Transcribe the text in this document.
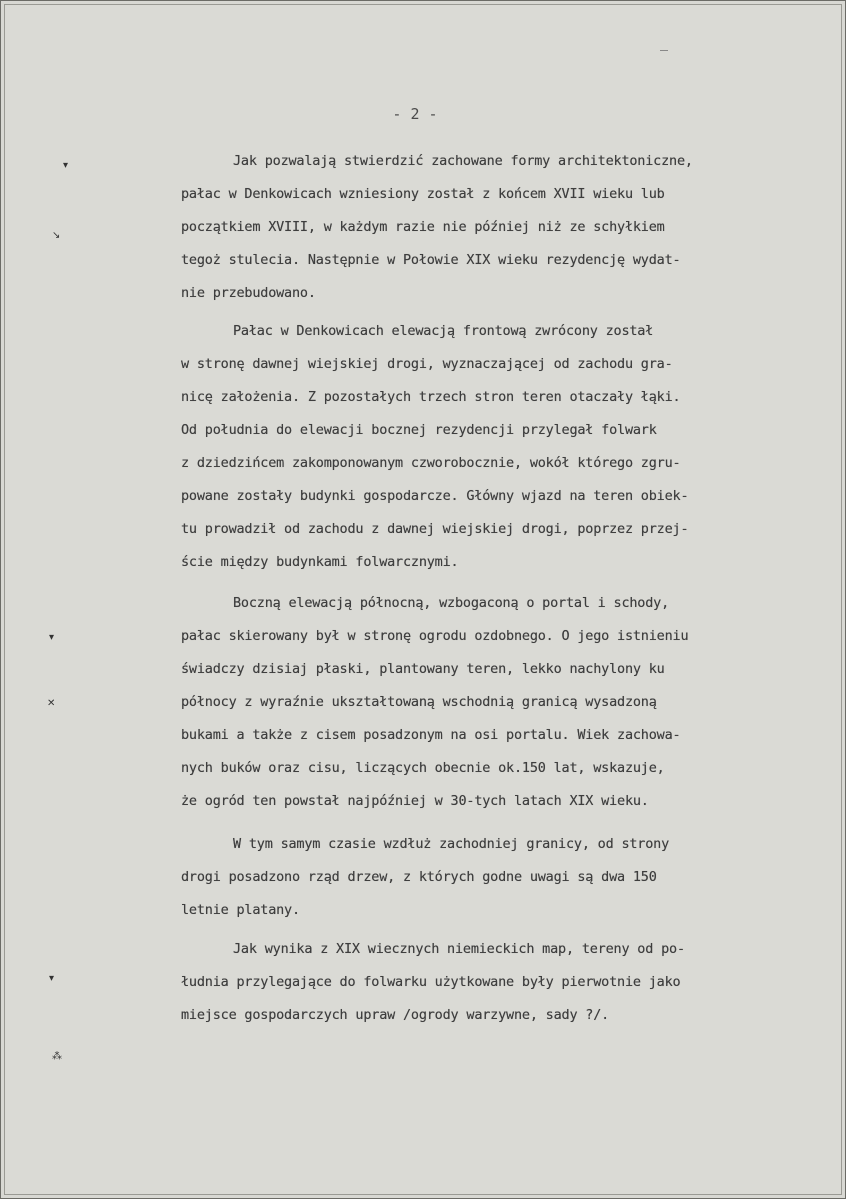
- 2 -
Jak pozwalają stwierdzić zachowane formy architektoniczne,
pałac w Denkowicach wzniesiony został z końcem XVII wieku lub
początkiem XVIII, w każdym razie nie później niż ze schyłkiem
tegoż stulecia. Następnie w Połowie XIX wieku rezydencję wydat-
nie przebudowano.
Pałac w Denkowicach elewacją frontową zwrócony został
w stronę dawnej wiejskiej drogi, wyznaczającej od zachodu gra-
nicę założenia. Z pozostałych trzech stron teren otaczały łąki.
Od południa do elewacji bocznej rezydencji przylegał folwark
z dziedzińcem zakomponowanym czworobocznie, wokół którego zgru-
powane zostały budynki gospodarcze. Główny wjazd na teren obiek-
tu prowadził od zachodu z dawnej wiejskiej drogi, poprzez przej-
ście między budynkami folwarcznymi.
Boczną elewacją północną, wzbogaconą o portal i schody,
pałac skierowany był w stronę ogrodu ozdobnego. O jego istnieniu
świadczy dzisiaj płaski, plantowany teren, lekko nachylony ku
północy z wyraźnie ukształtowaną wschodnią granicą wysadzoną
bukami a także z cisem posadzonym na osi portalu. Wiek zachowa-
nych buków oraz cisu, liczących obecnie ok.150 lat, wskazuje,
że ogród ten powstał najpóźniej w 30-tych latach XIX wieku.
W tym samym czasie wzdłuż zachodniej granicy, od strony
drogi posadzono rząd drzew, z których godne uwagi są dwa 150
letnie platany.
Jak wynika z XIX wiecznych niemieckich map, tereny od po-
łudnia przylegające do folwarku użytkowane były pierwotnie jako
miejsce gospodarczych upraw /ogrody warzywne, sady ?/.
▾
↘
▾
✕
▾
⁂
